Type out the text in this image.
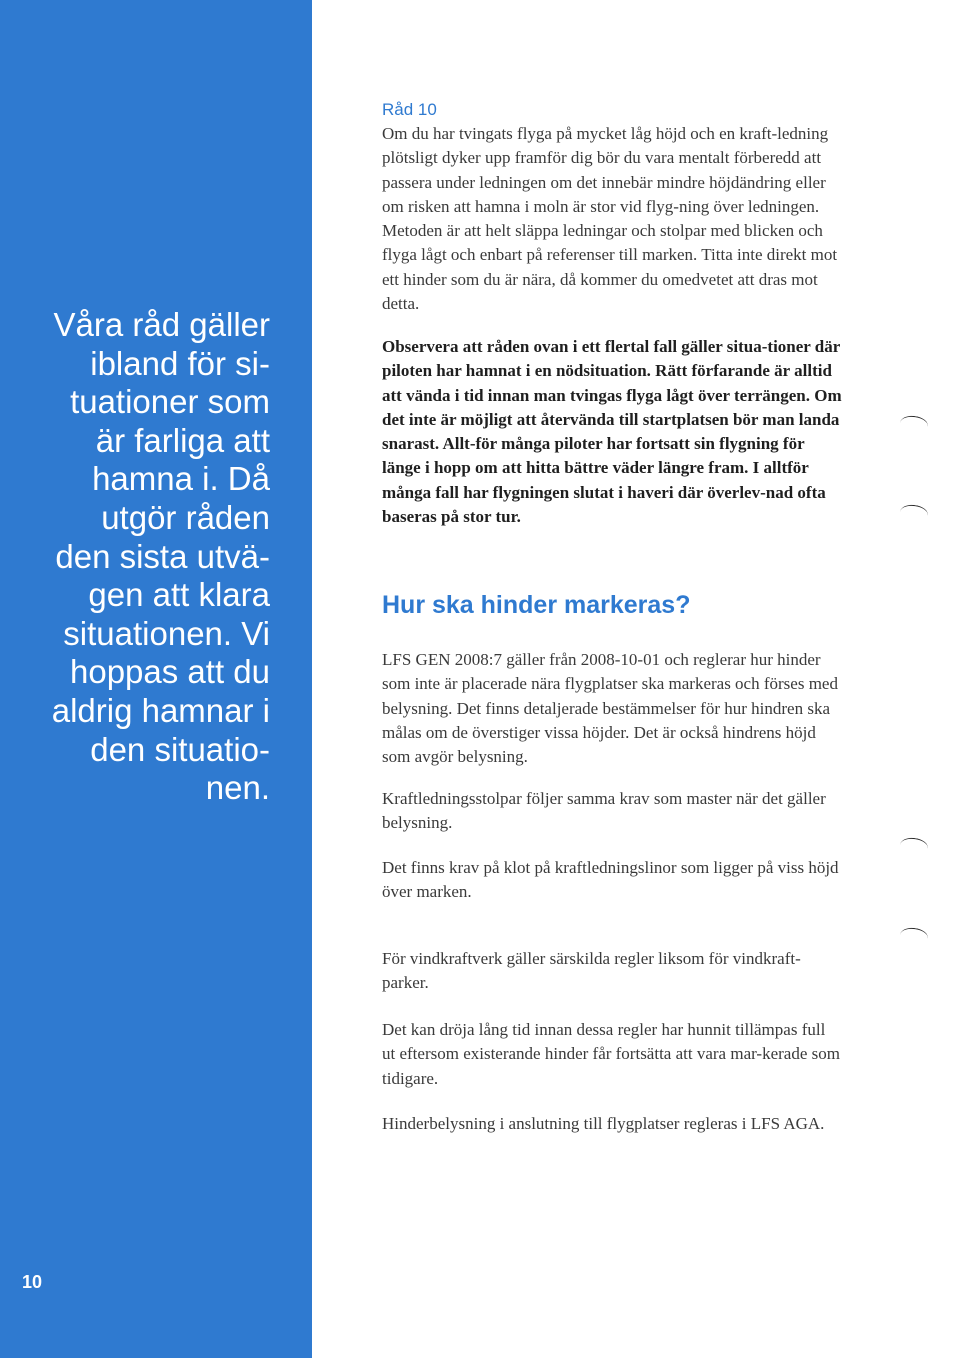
Våra råd gäller
ibland för si-
tuationer som
är farliga att
hamna i. Då
utgör råden
den sista utvä-
gen att klara
situationen. Vi
hoppas att du
aldrig hamnar i
den situatio-
nen.

10
Råd 10

Om du har tvingats flyga på mycket låg höjd och en kraft-ledning plötsligt dyker upp framför dig bör du vara mentalt förberedd att passera under ledningen om det innebär mindre höjdändring eller om risken att hamna i moln är stor vid flyg-ning över ledningen. Metoden är att helt släppa ledningar och stolpar med blicken och flyga lågt och enbart på referenser till marken. Titta inte direkt mot ett hinder som du är nära, då kommer du omedvetet att dras mot detta.

Observera att råden ovan i ett flertal fall gäller situa-tioner där piloten har hamnat i en nödsituation. Rätt förfarande är alltid att vända i tid innan man tvingas flyga lågt över terrängen. Om det inte är möjligt att återvända till startplatsen bör man landa snarast. Allt-för många piloter har fortsatt sin flygning för länge i hopp om att hitta bättre väder längre fram. I alltför många fall har flygningen slutat i haveri där överlev-nad ofta baseras på stor tur.

Hur ska hinder markeras?

LFS GEN 2008:7 gäller från 2008-10-01 och reglerar hur hinder som inte är placerade nära flygplatser ska markeras och förses med belysning. Det finns detaljerade bestämmelser för hur hindren ska målas om de överstiger vissa höjder. Det är också hindrens höjd som avgör belysning.

Kraftledningsstolpar följer samma krav som master när det gäller belysning.

Det finns krav på klot på kraftledningslinor som ligger på viss höjd över marken.

För vindkraftverk gäller särskilda regler liksom för vindkraft-parker.

Det kan dröja lång tid innan dessa regler har hunnit tillämpas full ut eftersom existerande hinder får fortsätta att vara mar-kerade som tidigare.

Hinderbelysning i anslutning till flygplatser regleras i LFS AGA.
